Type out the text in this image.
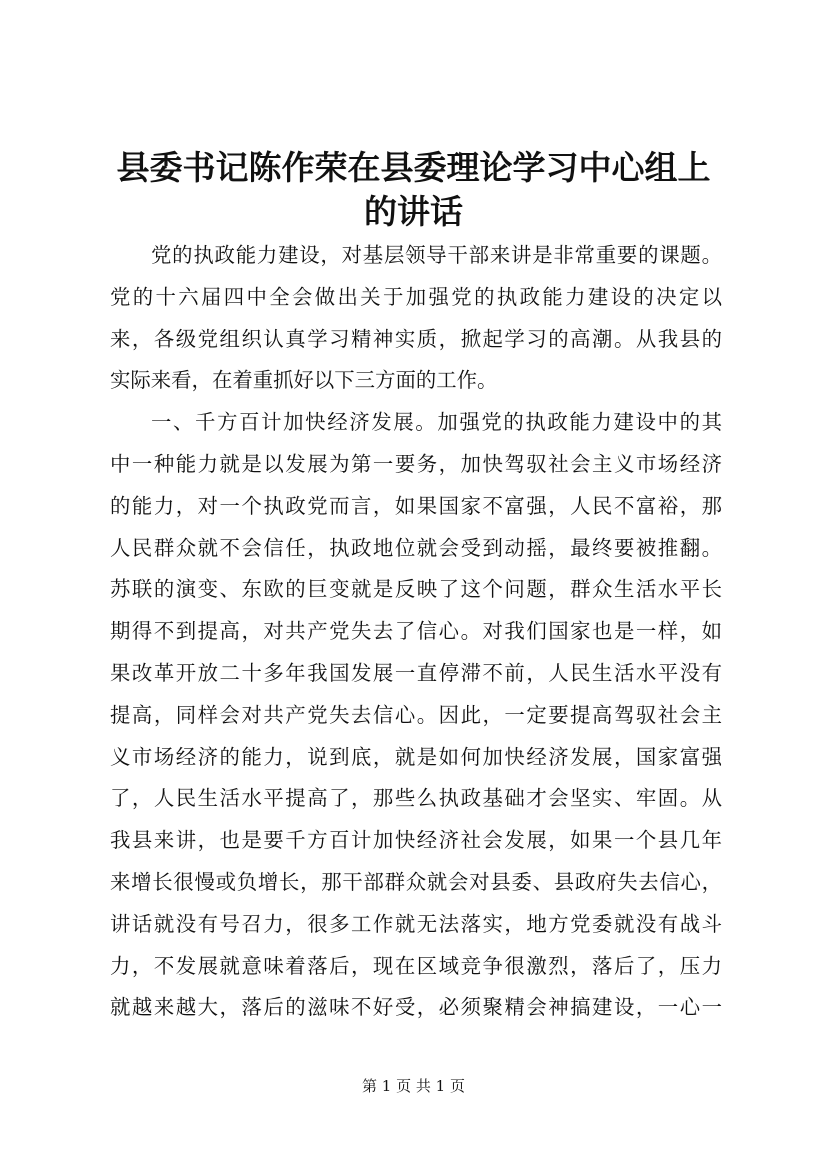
县委书记陈作荣在县委理论学习中心组上的讲话
党的执政能力建设，对基层领导干部来讲是非常重要的课题。
党的十六届四中全会做出关于加强党的执政能力建设的决定以
来，各级党组织认真学习精神实质，掀起学习的高潮。从我县的
实际来看，在着重抓好以下三方面的工作。
一、千方百计加快经济发展。加强党的执政能力建设中的其
中一种能力就是以发展为第一要务，加快驾驭社会主义市场经济
的能力，对一个执政党而言，如果国家不富强，人民不富裕，那
人民群众就不会信任，执政地位就会受到动摇，最终要被推翻。
苏联的演变、东欧的巨变就是反映了这个问题，群众生活水平长
期得不到提高，对共产党失去了信心。对我们国家也是一样，如
果改革开放二十多年我国发展一直停滞不前，人民生活水平没有
提高，同样会对共产党失去信心。因此，一定要提高驾驭社会主
义市场经济的能力，说到底，就是如何加快经济发展，国家富强
了，人民生活水平提高了，那些么执政基础才会坚实、牢固。从
我县来讲，也是要千方百计加快经济社会发展，如果一个县几年
来增长很慢或负增长，那干部群众就会对县委、县政府失去信心，
讲话就没有号召力，很多工作就无法落实，地方党委就没有战斗
力，不发展就意味着落后，现在区域竞争很激烈，落后了，压力
就越来越大，落后的滋味不好受，必须聚精会神搞建设，一心一
第 1 页 共 1 页
